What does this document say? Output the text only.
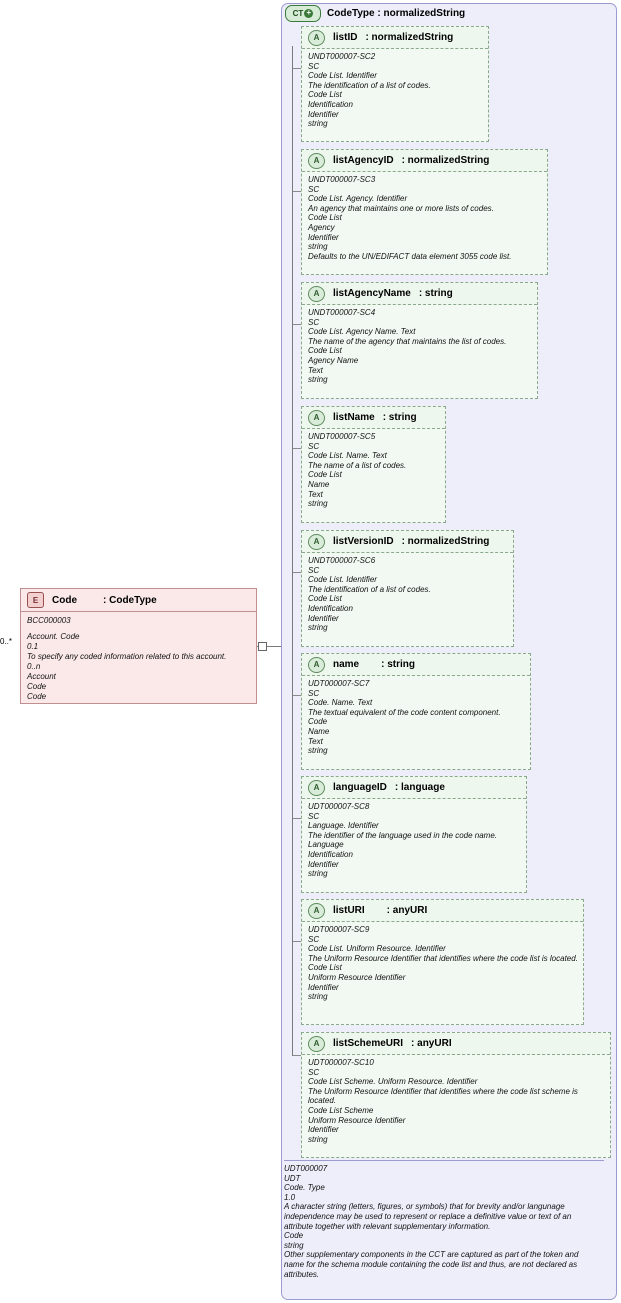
CT + CodeType : normalizedString
E	Code	: CodeType
BCC000003
Account. Code
0.1
To specify any coded information related to this account.
0..n
Account
Code
Code
0..*
A	listID : normalizedString
UNDT000007-SC2
SC
Code List. Identifier
The identification of a list of codes.
Code List
Identification
Identifier
string
A	listAgencyID : normalizedString
UNDT000007-SC3
SC
Code List. Agency. Identifier
An agency that maintains one or more lists of codes.
Code List
Agency
Identifier
string
Defaults to the UN/EDIFACT data element 3055 code list.
A	listAgencyName : string
UNDT000007-SC4
SC
Code List. Agency Name. Text
The name of the agency that maintains the list of codes.
Code List
Agency Name
Text
string
A	listName : string
UNDT000007-SC5
SC
Code List. Name. Text
The name of a list of codes.
Code List
Name
Text
string
A	listVersionID : normalizedString
UNDT000007-SC6
SC
Code List. Identifier
The identification of a list of codes.
Code List
Identification
Identifier
string
A	name : string
UDT000007-SC7
SC
Code. Name. Text
The textual equivalent of the code content component.
Code
Name
Text
string
A	languageID : language
UDT000007-SC8
SC
Language. Identifier
The identifier of the language used in the code name.
Language
Identification
Identifier
string
A	listURI : anyURI
UDT000007-SC9
SC
Code List. Uniform Resource. Identifier
The Uniform Resource Identifier that identifies where the code list is located.
Code List
Uniform Resource Identifier
Identifier
string
A	listSchemeURI : anyURI
UDT000007-SC10
SC
Code List Scheme. Uniform Resource. Identifier
The Uniform Resource Identifier that identifies where the code list scheme is located.
Code List Scheme
Uniform Resource Identifier
Identifier
string
UDT000007
UDT
Code. Type
1.0
A character string (letters, figures, or symbols) that for brevity and/or langunage independence may be used to represent or replace a definitive value or text of an attribute together with relevant supplementary information.
Code
string
Other supplementary components in the CCT are captured as part of the token and name for the schema module containing the code list and thus, are not declared as attributes.
